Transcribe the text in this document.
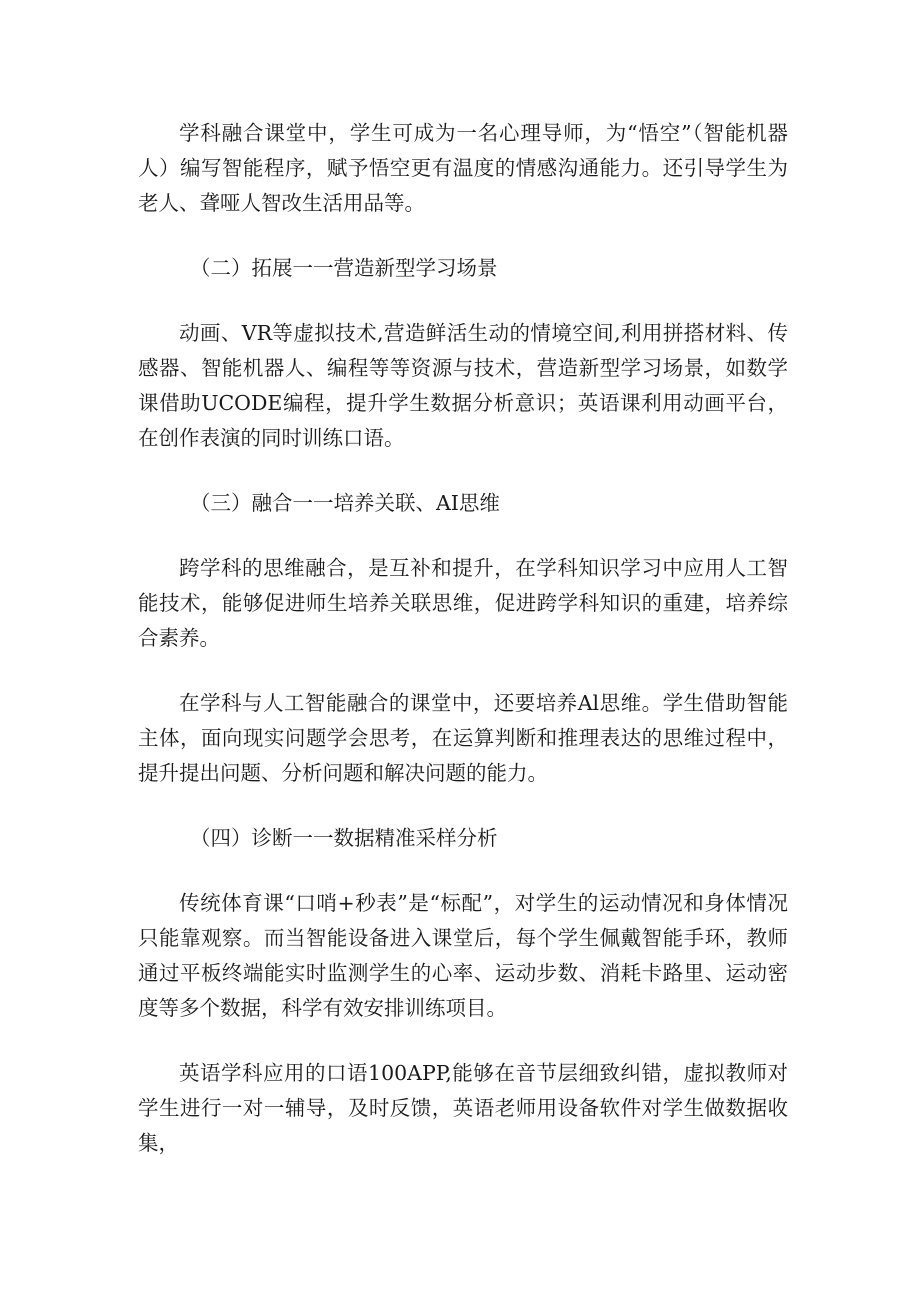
学科融合课堂中，学生可成为一名心理导师，为“悟空”（智能机器人）编写智能程序，赋予悟空更有温度的情感沟通能力。还引导学生为老人、聋哑人智改生活用品等。

（二）拓展一一营造新型学习场景

动画、VR等虚拟技术,营造鲜活生动的情境空间,利用拼搭材料、传感器、智能机器人、编程等等资源与技术，营造新型学习场景，如数学课借助UCODE编程，提升学生数据分析意识；英语课利用动画平台，在创作表演的同时训练口语。

（三）融合一一培养关联、AI思维

跨学科的思维融合，是互补和提升，在学科知识学习中应用人工智能技术，能够促进师生培养关联思维，促进跨学科知识的重建，培养综合素养。

在学科与人工智能融合的课堂中，还要培养Al思维。学生借助智能主体，面向现实问题学会思考，在运算判断和推理表达的思维过程中，提升提出问题、分析问题和解决问题的能力。

（四）诊断一一数据精准采样分析

传统体育课“口哨+秒表”是“标配”，对学生的运动情况和身体情况只能靠观察。而当智能设备进入课堂后，每个学生佩戴智能手环，教师通过平板终端能实时监测学生的心率、运动步数、消耗卡路里、运动密度等多个数据，科学有效安排训练项目。

英语学科应用的口语100APP,能够在音节层细致纠错，虚拟教师对学生进行一对一辅导，及时反馈，英语老师用设备软件对学生做数据收集，
